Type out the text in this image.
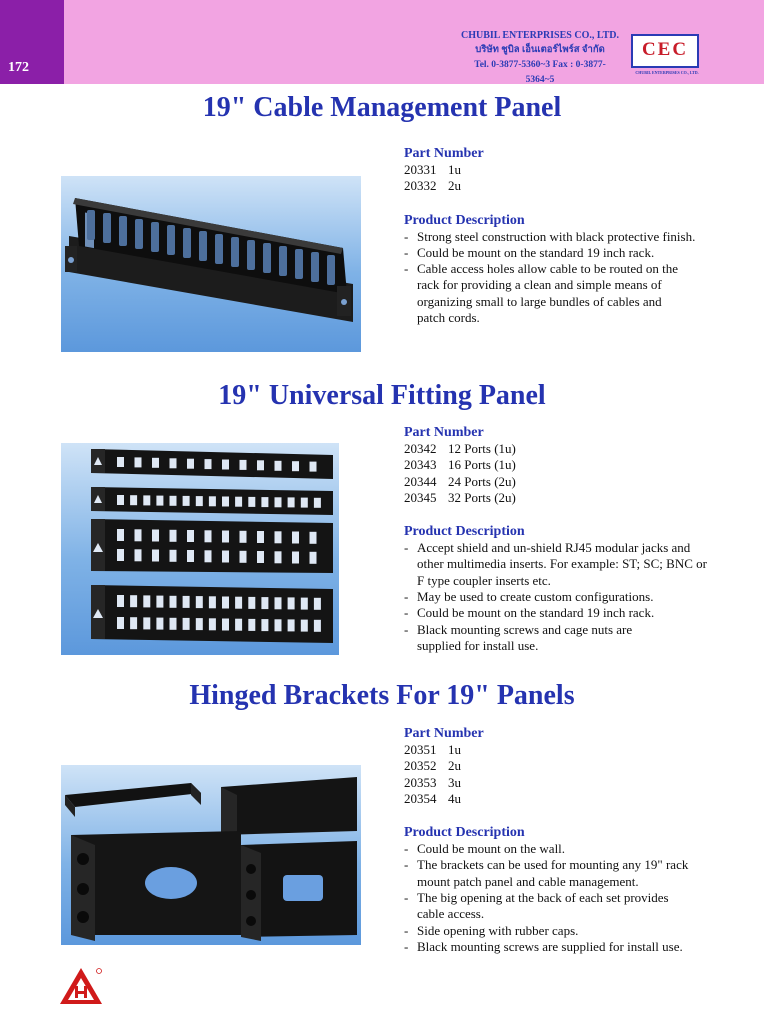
172
CHUBIL ENTERPRISES CO., LTD.
บริษัท ชูบิล เอ็นเตอร์ไพร์ส จำกัด
Tel. 0-3877-5360~3 Fax : 0-3877-5364~5
CEC
CHUBIL ENTERPRISES CO., LTD.
19" Cable Management Panel
Part Number
20331 1u
20332 2u
Product Description
- Strong steel construction with black protective finish.
- Could be mount on the standard 19 inch rack.
- Cable access holes allow cable to be routed on the rack for providing a clean and simple means of organizing small to large bundles of cables and patch cords.
19" Universal Fitting Panel
Part Number
20342 12 Ports (1u)
20343 16 Ports (1u)
20344 24 Ports (2u)
20345 32 Ports (2u)
Product Description
- Accept shield and un-shield RJ45 modular jacks and other multimedia inserts. For example: ST; SC; BNC or F type coupler inserts etc.
- May be used to create custom configurations.
- Could be mount on the standard 19 inch rack.
- Black mounting screws and cage nuts are supplied for install use.
Hinged Brackets For 19" Panels
Part Number
20351 1u
20352 2u
20353 3u
20354 4u
Product Description
- Could be mount on the wall.
- The brackets can be used for mounting any 19" rack mount patch panel and cable management.
- The big opening at the back of each set provides cable access.
- Side opening with rubber caps.
- Black mounting screws are supplied for install use.
